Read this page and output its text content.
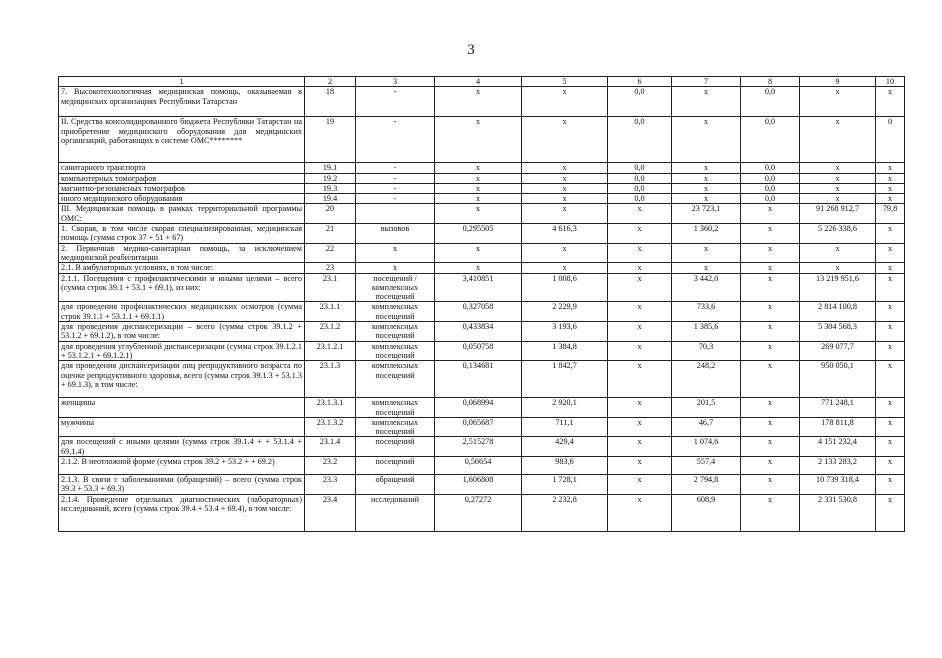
3
1	2	3	4	5	6	7	8	9	10
7. Высокотехнологичная медицинская помощь, оказываемая в медицинских организациях Республики Татарстан	18	-	x	x	0,0	x	0,0	x	x
II. Средства консолидированного бюджета Республики Татарстан на приобретение медицинского оборудования для медицинских организаций, работающих в системе ОМС********	19	-	x	x	0,0	x	0,0	x	0
санитарного транспорта	19.1	-	x	x	0,0	x	0,0	x	x
компьютерных томографов	19.2	-	x	x	0,0	x	0,0	x	x
магнитно-резонансных томографов	19.3	-	x	x	0,0	x	0,0	x	x
иного медицинского оборудования	19.4	-	x	x	0,0	x	0,0	x	x
III. Медицинская помощь в рамках территориальной программы ОМС:	20		x	x	x	23 723,1	x	91 268 912,7	79,8
1. Скорая, в том числе скорая специализированная, медицинская помощь (сумма строк 37 + 51 + 67)	21	вызовов	0,295505	4 616,3	x	1 360,2	x	5 226 338,6	x
2. Первичная медико-санитарная помощь, за исключением медицинской реабилитации	22	x	x	x	x	x	x	x	x
2.1. В амбулаторных условиях, в том числе:	23	x	x	x	x	x	x	x	x
2.1.1. Посещения с профилактическими и иными целями – всего (сумма строк 39.1 + 53.1 + 69.1), из них:	23.1	посещений / комплексных посещений	3,410851	1 008,6	x	3 442,0	x	13 219 951,6	x
для проведения профилактических медицинских осмотров (сумма строк 39.1.1 + 53.1.1 + 69.1.1)	23.1.1	комплексных посещений	0,327058	2 229,9	x	733,6	x	2 814 100,8	x
для проведения диспансеризации – всего (сумма строк 39.1.2 + 53.1.2 + 69.1.2), в том числе:	23.1.2	комплексных посещений	0,433834	3 193,6	x	1 385,6	x	5 304 568,3	x
для проведения углубленной диспансеризации (сумма строк 39.1.2.1 + 53.1.2.1 + 69.1.2.1)	23.1.2.1	комплексных посещений	0,050758	1 384,8	x	70,3	x	269 077,7	x
для проведения диспансеризации лиц репродуктивного возраста по оценке репродуктивного здоровья, всего (сумма строк 39.1.3 + 53.1.3 + 69.1.3), в том числе:	23.1.3	комплексных посещений	0,134681	1 842,7	x	248,2	x	950 050,1	x
женщины	23.1.3.1	комплексных посещений	0,068994	2 920,1	x	201,5	x	771 248,1	x
мужчины	23.1.3.2	комплексных посещений	0,065687	711,1	x	46,7	x	178 811,8	x
для посещений с иными целями (сумма строк 39.1.4 + + 53.1.4 + 69.1.4)	23.1.4	посещений	2,515278	429,4	x	1 074,6	x	4 151 232,4	x
2.1.2. В неотложной форме (сумма строк 39.2 + 53.2 + + 69.2)	23.2	посещений	0,56654	983,6	x	557,4	x	2 133 283,2	x
2.1.3. В связи с заболеваниями (обращений) – всего (сумма строк 39.3 + 53.3 + 69.3)	23.3	обращений	1,606808	1 728,1	x	2 794,8	x	10 739 318,4	x
2.1.4. Проведение отдельных диагностических (лабораторных) исследований, всего (сумма строк 39.4 + 53.4 + 69.4), в том числе:	23.4	исследований	0,27272	2 232,8	x	608,9	x	2 331 530,8	x
